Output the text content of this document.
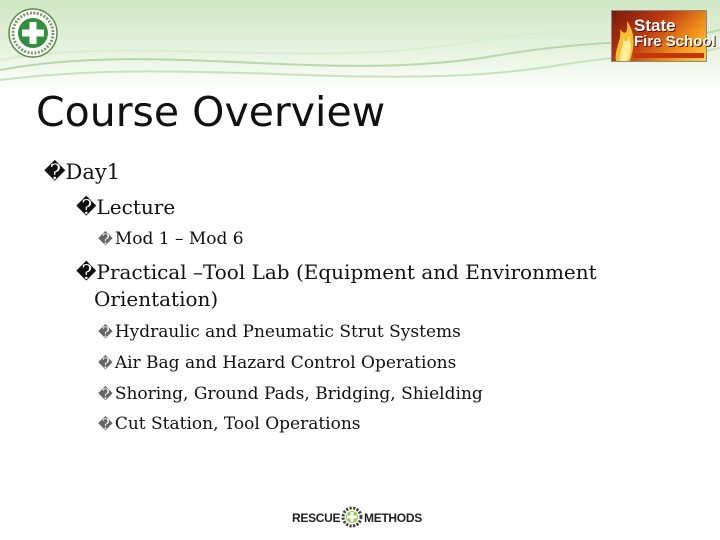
State
Fire School
Course Overview
�Day1
�Lecture
� Mod 1 – Mod 6
�Practical –Tool Lab (Equipment and Environment
Orientation)
� Hydraulic and Pneumatic Strut Systems
� Air Bag and Hazard Control Operations
� Shoring, Ground Pads, Bridging, Shielding
� Cut Station, Tool Operations
RESCUE METHODS
